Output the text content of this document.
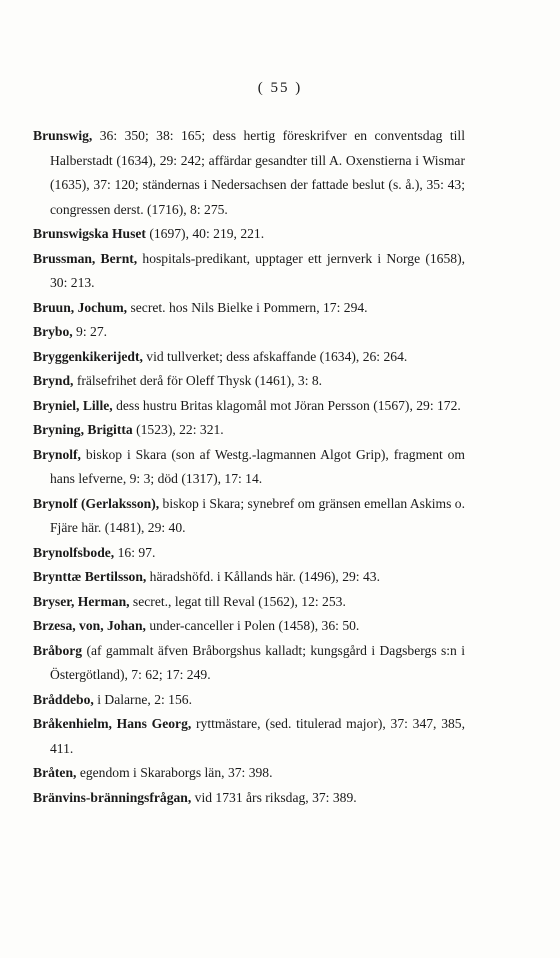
( 55 )

Brunswig, 36: 350; 38: 165; dess hertig föreskrifver en conventsdag till Halberstadt (1634), 29: 242; affärdar gesandter till A. Oxenstierna i Wismar (1635), 37: 120; ständernas i Nedersachsen der fattade beslut (s. å.), 35: 43; congressen derst. (1716), 8: 275.

Brunswigska Huset (1697), 40: 219, 221.

Brussman, Bernt, hospitals-predikant, upptager ett jernverk i Norge (1658), 30: 213.

Bruun, Jochum, secret. hos Nils Bielke i Pommern, 17: 294.

Brybo, 9: 27.

Bryggenkikerijedt, vid tullverket; dess afskaffande (1634), 26: 264.

Brynd, frälsefrihet derå för Oleff Thysk (1461), 3: 8.

Bryniel, Lille, dess hustru Britas klagomål mot Jöran Persson (1567), 29: 172.

Bryning, Brigitta (1523), 22: 321.

Brynolf, biskop i Skara (son af Westg.-lagmannen Algot Grip), fragment om hans lefverne, 9: 3; död (1317), 17: 14.

Brynolf (Gerlaksson), biskop i Skara; synebref om gränsen emellan Askims o. Fjäre här. (1481), 29: 40.

Brynolfsbode, 16: 97.

Brynttæ Bertilsson, häradshöfd. i Kållands här. (1496), 29: 43.

Bryser, Herman, secret., legat till Reval (1562), 12: 253.

Brzesa, von, Johan, under-canceller i Polen (1458), 36: 50.

Bråborg (af gammalt äfven Bråborgshus kalladt; kungsgård i Dagsbergs s:n i Östergötland), 7: 62; 17: 249.

Bråddebo, i Dalarne, 2: 156.

Bråkenhielm, Hans Georg, ryttmästare, (sed. titulerad major), 37: 347, 385, 411.

Bråten, egendom i Skaraborgs län, 37: 398.

Bränvins-bränningsfrågan, vid 1731 års riksdag, 37: 389.
